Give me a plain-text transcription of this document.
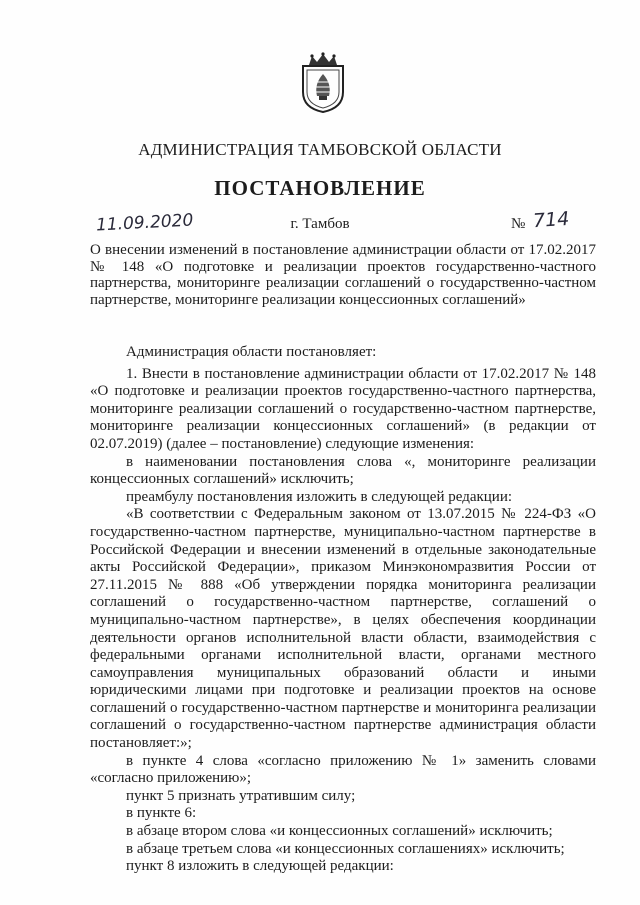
АДМИНИСТРАЦИЯ ТАМБОВСКОЙ ОБЛАСТИ
ПОСТАНОВЛЕНИЕ
11.09.2020	г. Тамбов	№ 714

О внесении изменений в постановление администрации области от 17.02.2017 № 148 «О подготовке и реализации проектов государственно-частного партнерства, мониторинге реализации соглашений о государственно-частном партнерстве, мониторинге реализации концессионных соглашений»

Администрация области постановляет:

1. Внести в постановление администрации области от 17.02.2017 № 148 «О подготовке и реализации проектов государственно-частного партнерства, мониторинге реализации соглашений о государственно-частном партнерстве, мониторинге реализации концессионных соглашений» (в редакции от 02.07.2019) (далее – постановление) следующие изменения:

в наименовании постановления слова «, мониторинге реализации концессионных соглашений» исключить;

преамбулу постановления изложить в следующей редакции:

«В соответствии с Федеральным законом от 13.07.2015 № 224-ФЗ «О государственно-частном партнерстве, муниципально-частном партнерстве в Российской Федерации и внесении изменений в отдельные законодательные акты Российской Федерации», приказом Минэкономразвития России от 27.11.2015 № 888 «Об утверждении порядка мониторинга реализации соглашений о государственно-частном партнерстве, соглашений о муниципально-частном партнерстве», в целях обеспечения координации деятельности органов исполнительной власти области, взаимодействия с федеральными органами исполнительной власти, органами местного самоуправления муниципальных образований области и иными юридическими лицами при подготовке и реализации проектов на основе соглашений о государственно-частном партнерстве и мониторинга реализации соглашений о государственно-частном партнерстве администрация области постановляет:»;

в пункте 4 слова «согласно приложению № 1» заменить словами «согласно приложению»;

пункт 5 признать утратившим силу;

в пункте 6:

в абзаце втором слова «и концессионных соглашений» исключить;

в абзаце третьем слова «и концессионных соглашениях» исключить;

пункт 8 изложить в следующей редакции:
